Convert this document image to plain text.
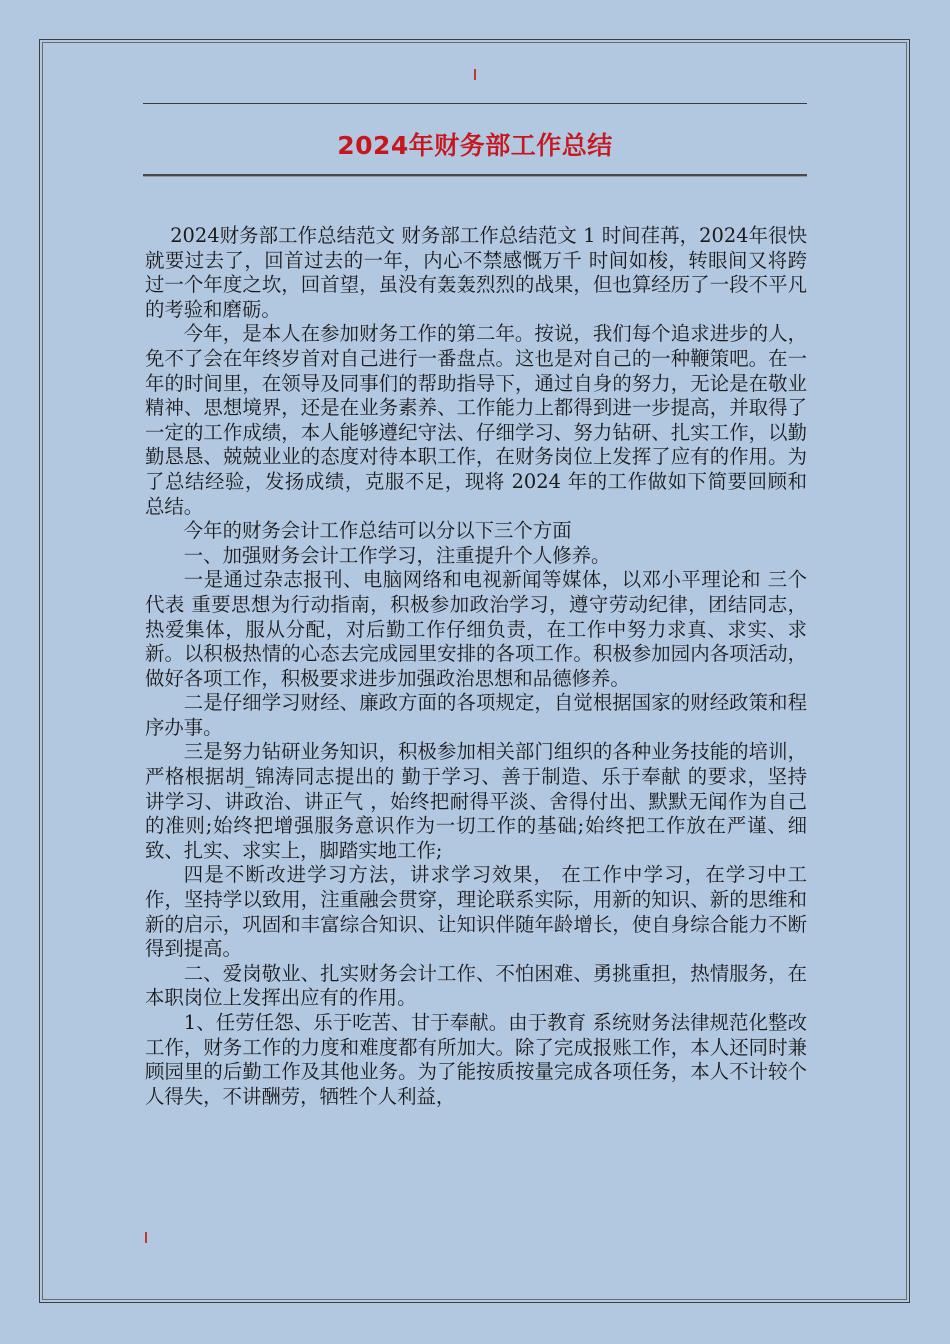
2024年财务部工作总结

2024财务部工作总结范文 财务部工作总结范文 1 时间荏苒，2024年很快就要过去了，回首过去的一年，内心不禁感慨万千 时间如梭，转眼间又将跨过一个年度之坎，回首望，虽没有轰轰烈烈的战果，但也算经历了一段不平凡的考验和磨砺。

今年，是本人在参加财务工作的第二年。按说，我们每个追求进步的人，免不了会在年终岁首对自己进行一番盘点。这也是对自己的一种鞭策吧。在一年的时间里，在领导及同事们的帮助指导下，通过自身的努力，无论是在敬业精神、思想境界，还是在业务素养、工作能力上都得到进一步提高，并取得了一定的工作成绩，本人能够遵纪守法、仔细学习、努力钻研、扎实工作，以勤勤恳恳、兢兢业业的态度对待本职工作，在财务岗位上发挥了应有的作用。为了总结经验，发扬成绩，克服不足，现将 2024 年的工作做如下简要回顾和总结。

今年的财务会计工作总结可以分以下三个方面

一、加强财务会计工作学习，注重提升个人修养。

一是通过杂志报刊、电脑网络和电视新闻等媒体，以邓小平理论和 三个代表 重要思想为行动指南，积极参加政治学习，遵守劳动纪律，团结同志，热爱集体，服从分配，对后勤工作仔细负责，在工作中努力求真、求实、求新。以积极热情的心态去完成园里安排的各项工作。积极参加园内各项活动，做好各项工作，积极要求进步加强政治思想和品德修养。

二是仔细学习财经、廉政方面的各项规定，自觉根据国家的财经政策和程序办事。

三是努力钻研业务知识，积极参加相关部门组织的各种业务技能的培训，严格根据胡_锦涛同志提出的 勤于学习、善于制造、乐于奉献 的要求，坚持 讲学习、讲政治、讲正气 ，始终把耐得平淡、舍得付出、默默无闻作为自己的准则;始终把增强服务意识作为一切工作的基础;始终把工作放在严谨、细致、扎实、求实上，脚踏实地工作;

四是不断改进学习方法，讲求学习效果， 在工作中学习，在学习中工作，坚持学以致用，注重融会贯穿，理论联系实际，用新的知识、新的思维和新的启示，巩固和丰富综合知识、让知识伴随年龄增长，使自身综合能力不断得到提高。

二、爱岗敬业、扎实财务会计工作、不怕困难、勇挑重担，热情服务，在本职岗位上发挥出应有的作用。

1、任劳任怨、乐于吃苦、甘于奉献。由于教育 系统财务法律规范化整改工作，财务工作的力度和难度都有所加大。除了完成报账工作，本人还同时兼顾园里的后勤工作及其他业务。为了能按质按量完成各项任务，本人不计较个人得失，不讲酬劳，牺牲个人利益，
